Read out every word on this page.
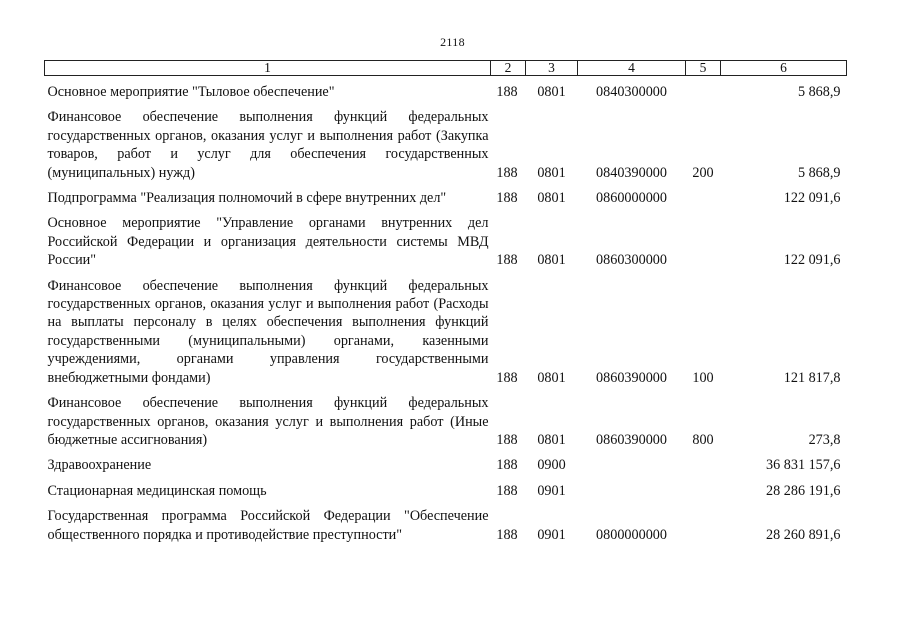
2118
1	2	3	4	5	6

Основное мероприятие "Тыловое обеспечение"	188	0801	0840300000		5 868,9

Финансовое обеспечение выполнения функций федеральных государственных органов, оказания услуг и выполнения работ (Закупка товаров, работ и услуг для обеспечения государственных (муниципальных) нужд)	188	0801	0840390000	200	5 868,9

Подпрограмма "Реализация полномочий в сфере внутренних дел"	188	0801	0860000000		122 091,6

Основное мероприятие "Управление органами внутренних дел Российской Федерации и организация деятельности системы МВД России"	188	0801	0860300000		122 091,6

Финансовое обеспечение выполнения функций федеральных государственных органов, оказания услуг и выполнения работ (Расходы на выплаты персоналу в целях обеспечения выполнения функций государственными (муниципальными) органами, казенными учреждениями, органами управления государственными внебюджетными фондами)	188	0801	0860390000	100	121 817,8

Финансовое обеспечение выполнения функций федеральных государственных органов, оказания услуг и выполнения работ (Иные бюджетные ассигнования)	188	0801	0860390000	800	273,8

Здравоохранение	188	0900			36 831 157,6

Стационарная медицинская помощь	188	0901			28 286 191,6

Государственная программа Российской Федерации "Обеспечение общественного порядка и противодействие преступности"	188	0901	0800000000		28 260 891,6
